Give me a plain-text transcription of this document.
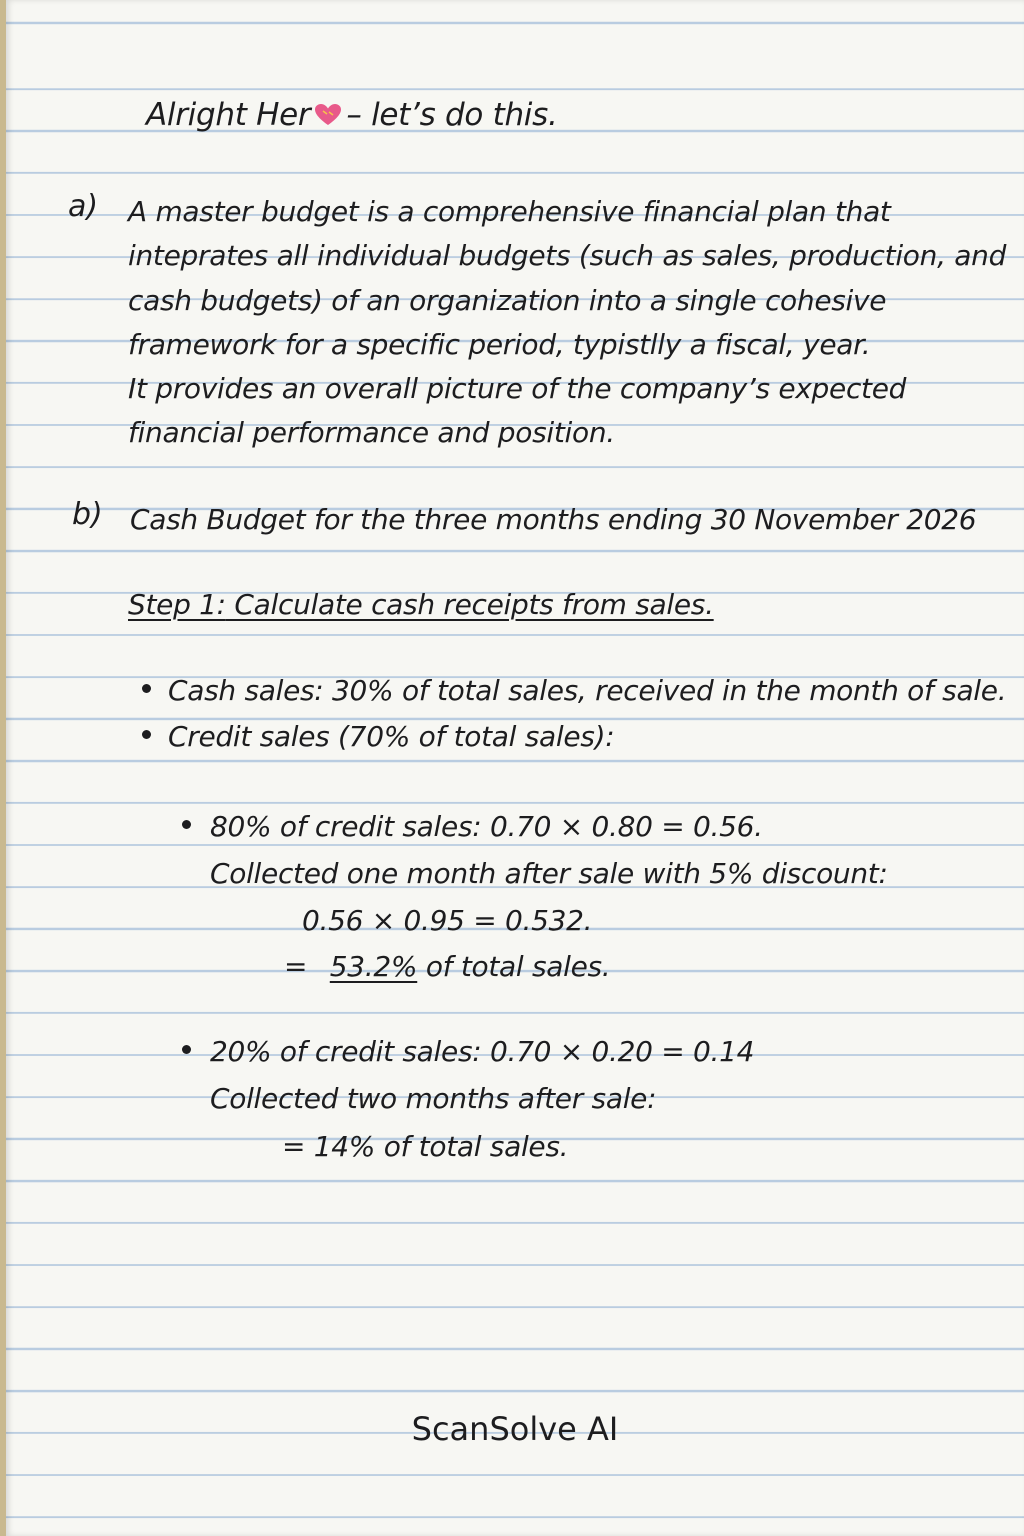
Alright Her – let’s do this.
a) A master budget is a comprehensive financial plan that
inteprates all individual budgets (such as sales, production, and
cash budgets) of an organization into a single cohesive
framework for a specific period, typistlly a fiscal, year.
It provides an overall picture of the company’s expected
financial performance and position.
b) Cash Budget for the three months ending 30 November 2026
Step 1: Calculate cash receipts from sales.
Cash sales: 30% of total sales, received in the month of sale.
Credit sales (70% of total sales):
80% of credit sales: 0.70 × 0.80 = 0.56.
Collected one month after sale with 5% discount:
0.56 × 0.95 = 0.532.
= 53.2% of total sales.
20% of credit sales: 0.70 × 0.20 = 0.14
Collected two months after sale:
= 14% of total sales.
ScanSolve AI
